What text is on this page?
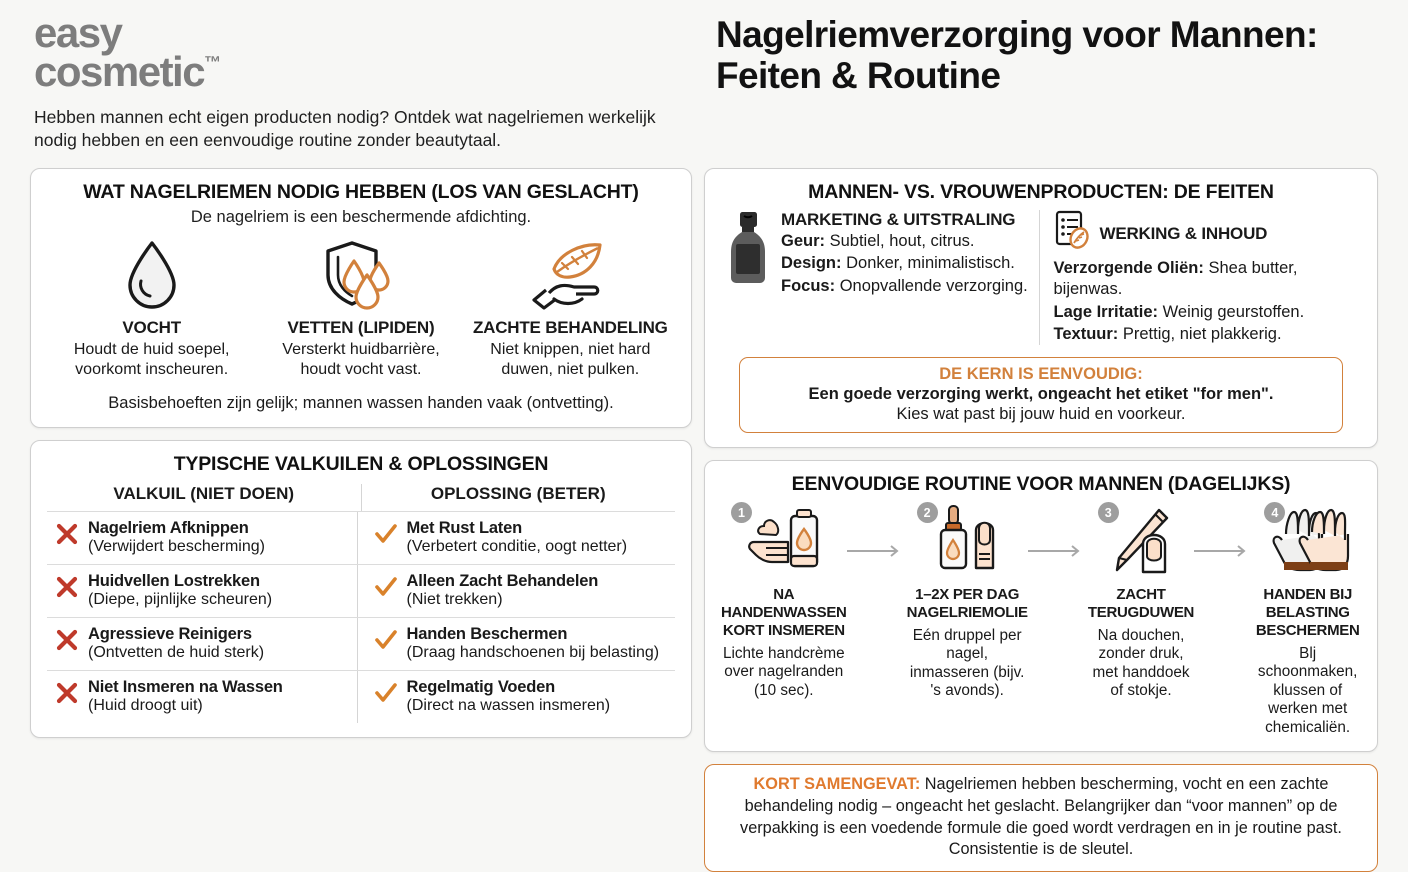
easy
cosmetic™
Hebben mannen echt eigen producten nodig? Ontdek wat nagelriemen werkelijk nodig hebben en een eenvoudige routine zonder beautytaal.
Nagelriemverzorging voor Mannen: Feiten & Routine
WAT NAGELRIEMEN NODIG HEBBEN (LOS VAN GESLACHT)
De nagelriem is een beschermende afdichting.
VOCHT
Houdt de huid soepel, voorkomt inscheuren.
VETTEN (LIPIDEN)
Versterkt huidbarrière, houdt vocht vast.
ZACHTE BEHANDELING
Niet knippen, niet hard duwen, niet pulken.
Basisbehoeften zijn gelijk; mannen wassen handen vaak (ontvetting).
TYPISCHE VALKUILEN & OPLOSSINGEN
VALKUIL (NIET DOEN)	OPLOSSING (BETER)
Nagelriem Afknippen
(Verwijdert bescherming)
Met Rust Laten
(Verbetert conditie, oogt netter)
Huidvellen Lostrekken
(Diepe, pijnlijke scheuren)
Alleen Zacht Behandelen
(Niet trekken)
Agressieve Reinigers
(Ontvetten de huid sterk)
Handen Beschermen
(Draag handschoenen bij belasting)
Niet Insmeren na Wassen
(Huid droogt uit)
Regelmatig Voeden
(Direct na wassen insmeren)
MANNEN- VS. VROUWENPRODUCTEN: DE FEITEN
MARKETING & UITSTRALING
Geur: Subtiel, hout, citrus.
Design: Donker, minimalistisch.
Focus: Onopvallende verzorging.
WERKING & INHOUD
Verzorgende Oliën: Shea butter, bijenwas.
Lage Irritatie: Weinig geurstoffen.
Textuur: Prettig, niet plakkerig.
DE KERN IS EENVOUDIG:
Een goede verzorging werkt, ongeacht het etiket "for men".
Kies wat past bij jouw huid en voorkeur.
EENVOUDIGE ROUTINE VOOR MANNEN (DAGELIJKS)
1
NA HANDENWASSEN KORT INSMEREN
Lichte handcrème over nagelranden (10 sec).
2
1–2X PER DAG NAGELRIEMOLIE
Eén druppel per nagel, inmasseren (bijv. 's avonds).
3
ZACHT TERUGDUWEN
Na douchen, zonder druk, met handdoek of stokje.
4
HANDEN BIJ BELASTING BESCHERMEN
Blj schoonmaken, klussen of werken met chemicaliën.
KORT SAMENGEVAT: Nagelriemen hebben bescherming, vocht en een zachte behandeling nodig – ongeacht het geslacht. Belangrijker dan “voor mannen” op de verpakking is een voedende formule die goed wordt verdragen en in je routine past. Consistentie is de sleutel.
